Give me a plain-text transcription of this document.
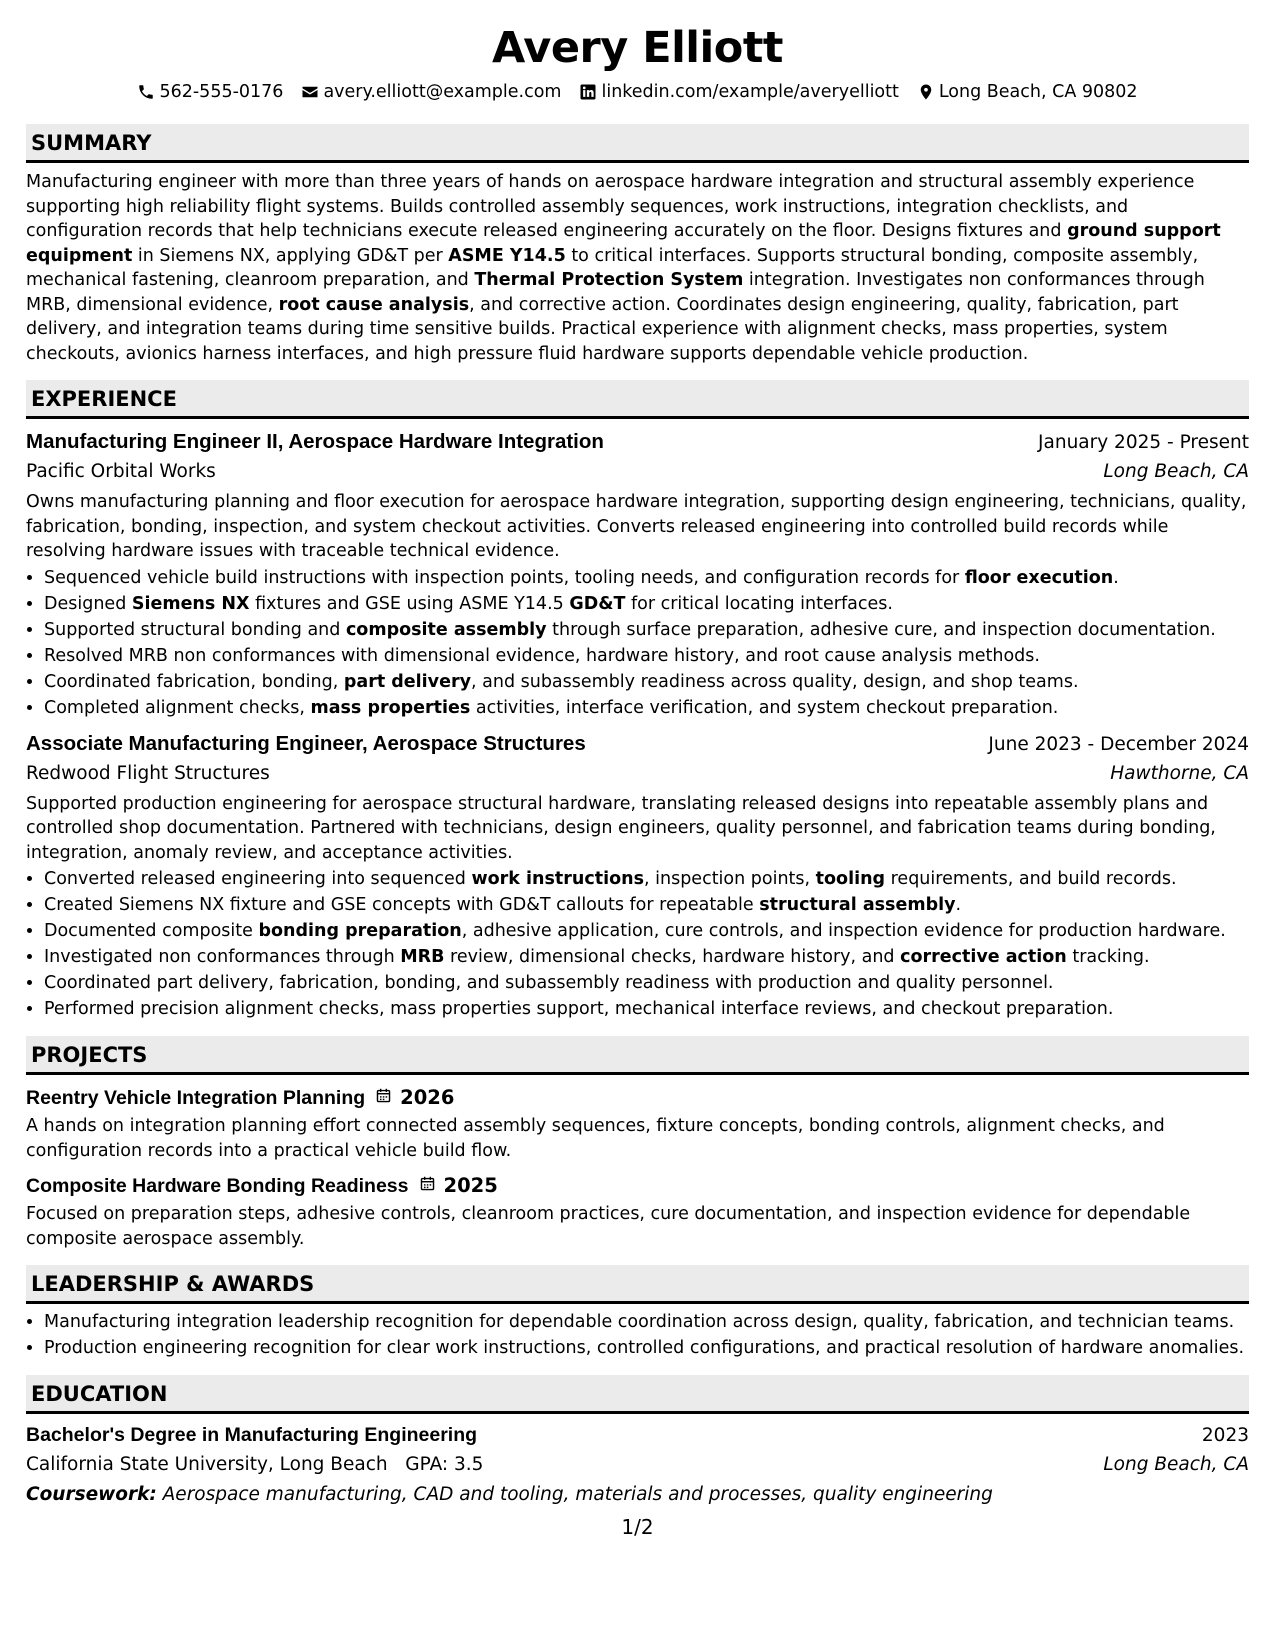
Avery Elliott
562-555-0176 avery.elliott@example.com linkedin.com/example/averyelliott Long Beach, CA 90802
SUMMARY
Manufacturing engineer with more than three years of hands on aerospace hardware integration and structural assembly experience supporting high reliability flight systems. Builds controlled assembly sequences, work instructions, integration checklists, and configuration records that help technicians execute released engineering accurately on the floor. Designs fixtures and ground support equipment in Siemens NX, applying GD&T per ASME Y14.5 to critical interfaces. Supports structural bonding, composite assembly, mechanical fastening, cleanroom preparation, and Thermal Protection System integration. Investigates non conformances through MRB, dimensional evidence, root cause analysis, and corrective action. Coordinates design engineering, quality, fabrication, part delivery, and integration teams during time sensitive builds. Practical experience with alignment checks, mass properties, system checkouts, avionics harness interfaces, and high pressure fluid hardware supports dependable vehicle production.
EXPERIENCE
Manufacturing Engineer II, Aerospace Hardware Integration	January 2025 - Present
Pacific Orbital Works	Long Beach, CA
Owns manufacturing planning and floor execution for aerospace hardware integration, supporting design engineering, technicians, quality, fabrication, bonding, inspection, and system checkout activities. Converts released engineering into controlled build records while resolving hardware issues with traceable technical evidence.
• Sequenced vehicle build instructions with inspection points, tooling needs, and configuration records for floor execution.
• Designed Siemens NX fixtures and GSE using ASME Y14.5 GD&T for critical locating interfaces.
• Supported structural bonding and composite assembly through surface preparation, adhesive cure, and inspection documentation.
• Resolved MRB non conformances with dimensional evidence, hardware history, and root cause analysis methods.
• Coordinated fabrication, bonding, part delivery, and subassembly readiness across quality, design, and shop teams.
• Completed alignment checks, mass properties activities, interface verification, and system checkout preparation.
Associate Manufacturing Engineer, Aerospace Structures	June 2023 - December 2024
Redwood Flight Structures	Hawthorne, CA
Supported production engineering for aerospace structural hardware, translating released designs into repeatable assembly plans and controlled shop documentation. Partnered with technicians, design engineers, quality personnel, and fabrication teams during bonding, integration, anomaly review, and acceptance activities.
• Converted released engineering into sequenced work instructions, inspection points, tooling requirements, and build records.
• Created Siemens NX fixture and GSE concepts with GD&T callouts for repeatable structural assembly.
• Documented composite bonding preparation, adhesive application, cure controls, and inspection evidence for production hardware.
• Investigated non conformances through MRB review, dimensional checks, hardware history, and corrective action tracking.
• Coordinated part delivery, fabrication, bonding, and subassembly readiness with production and quality personnel.
• Performed precision alignment checks, mass properties support, mechanical interface reviews, and checkout preparation.
PROJECTS
Reentry Vehicle Integration Planning 2026
A hands on integration planning effort connected assembly sequences, fixture concepts, bonding controls, alignment checks, and configuration records into a practical vehicle build flow.
Composite Hardware Bonding Readiness 2025
Focused on preparation steps, adhesive controls, cleanroom practices, cure documentation, and inspection evidence for dependable composite aerospace assembly.
LEADERSHIP & AWARDS
• Manufacturing integration leadership recognition for dependable coordination across design, quality, fabrication, and technician teams.
• Production engineering recognition for clear work instructions, controlled configurations, and practical resolution of hardware anomalies.
EDUCATION
Bachelor's Degree in Manufacturing Engineering	2023
California State University, Long Beach GPA: 3.5	Long Beach, CA
Coursework: Aerospace manufacturing, CAD and tooling, materials and processes, quality engineering
1/2
